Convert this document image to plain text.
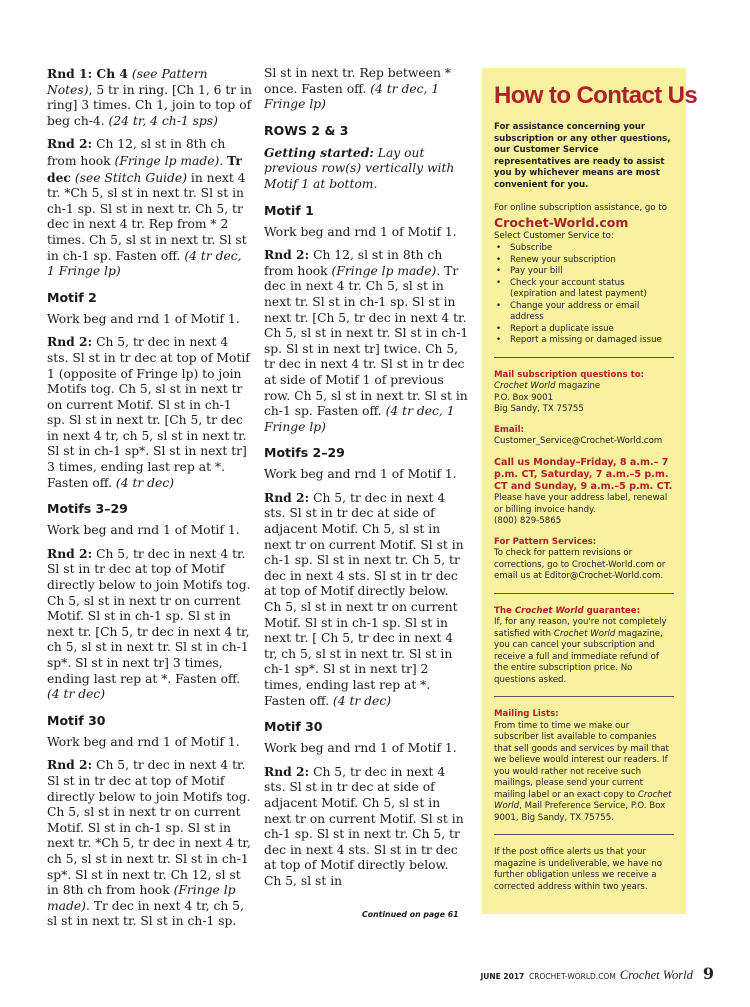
Rnd 1: Ch 4 (see Pattern Notes), 5 tr in ring. [Ch 1, 6 tr in ring] 3 times. Ch 1, join to top of beg ch-4. (24 tr, 4 ch-1 sps)

Rnd 2: Ch 12, sl st in 8th ch from hook (Fringe lp made). Tr dec (see Stitch Guide) in next 4 tr. *Ch 5, sl st in next tr. Sl st in ch-1 sp. Sl st in next tr. Ch 5, tr dec in next 4 tr. Rep from * 2 times. Ch 5, sl st in next tr. Sl st in ch-1 sp. Fasten off. (4 tr dec, 1 Fringe lp)

Motif 2

Work beg and rnd 1 of Motif 1.

Rnd 2: Ch 5, tr dec in next 4 sts. Sl st in tr dec at top of Motif 1 (opposite of Fringe lp) to join Motifs tog. Ch 5, sl st in next tr on current Motif. Sl st in ch-1 sp. Sl st in next tr. [Ch 5, tr dec in next 4 tr, ch 5, sl st in next tr. Sl st in ch-1 sp*. Sl st in next tr] 3 times, ending last rep at *. Fasten off. (4 tr dec)

Motifs 3–29

Work beg and rnd 1 of Motif 1.

Rnd 2: Ch 5, tr dec in next 4 tr. Sl st in tr dec at top of Motif directly below to join Motifs tog. Ch 5, sl st in next tr on current Motif. Sl st in ch-1 sp. Sl st in next tr. [Ch 5, tr dec in next 4 tr, ch 5, sl st in next tr. Sl st in ch-1 sp*. Sl st in next tr] 3 times, ending last rep at *. Fasten off. (4 tr dec)

Motif 30

Work beg and rnd 1 of Motif 1.

Rnd 2: Ch 5, tr dec in next 4 tr. Sl st in tr dec at top of Motif directly below to join Motifs tog. Ch 5, sl st in next tr on current Motif. Sl st in ch-1 sp. Sl st in next tr. *Ch 5, tr dec in next 4 tr, ch 5, sl st in next tr. Sl st in ch-1 sp*. Sl st in next tr. Ch 12, sl st in 8th ch from hook (Fringe lp made). Tr dec in next 4 tr, ch 5, sl st in next tr. Sl st in ch-1 sp.

Sl st in next tr. Rep between * once. Fasten off. (4 tr dec, 1 Fringe lp)

ROWS 2 & 3

Getting started: Lay out previous row(s) vertically with Motif 1 at bottom.

Motif 1

Work beg and rnd 1 of Motif 1.

Rnd 2: Ch 12, sl st in 8th ch from hook (Fringe lp made). Tr dec in next 4 tr. Ch 5, sl st in next tr. Sl st in ch-1 sp. Sl st in next tr. [Ch 5, tr dec in next 4 tr. Ch 5, sl st in next tr. Sl st in ch-1 sp. Sl st in next tr] twice. Ch 5, tr dec in next 4 tr. Sl st in tr dec at side of Motif 1 of previous row. Ch 5, sl st in next tr. Sl st in ch-1 sp. Fasten off. (4 tr dec, 1 Fringe lp)

Motifs 2–29

Work beg and rnd 1 of Motif 1.

Rnd 2: Ch 5, tr dec in next 4 sts. Sl st in tr dec at side of adjacent Motif. Ch 5, sl st in next tr on current Motif. Sl st in ch-1 sp. Sl st in next tr. Ch 5, tr dec in next 4 sts. Sl st in tr dec at top of Motif directly below. Ch 5, sl st in next tr on current Motif. Sl st in ch-1 sp. Sl st in next tr. [ Ch 5, tr dec in next 4 tr, ch 5, sl st in next tr. Sl st in ch-1 sp*. Sl st in next tr] 2 times, ending last rep at *. Fasten off. (4 tr dec)

Motif 30

Work beg and rnd 1 of Motif 1.

Rnd 2: Ch 5, tr dec in next 4 sts. Sl st in tr dec at side of adjacent Motif. Ch 5, sl st in next tr on current Motif. Sl st in ch-1 sp. Sl st in next tr. Ch 5, tr dec in next 4 sts. Sl st in tr dec at top of Motif directly below. Ch 5, sl st in

Continued on page 61
How to Contact Us

For assistance concerning your subscription or any other questions, our Customer Service representatives are ready to assist you by whichever means are most convenient for you.

For online subscription assistance, go to

Crochet-World.com

Select Customer Service to:

• Subscribe
• Renew your subscription
• Pay your bill
• Check your account status
(expiration and latest payment)
• Change your address or email address
• Report a duplicate issue
• Report a missing or damaged issue

Mail subscription questions to:

Crochet World magazine

P.O. Box 9001

Big Sandy, TX 75755

Email:

Customer_Service@Crochet-World.com

Call us Monday–Friday, 8 a.m.– 7 p.m. CT, Saturday, 7 a.m.–5 p.m. CT and Sunday, 9 a.m.–5 p.m. CT.

Please have your address label, renewal or billing invoice handy.

(800) 829-5865

For Pattern Services:

To check for pattern revisions or corrections, go to Crochet-World.com or email us at Editor@Crochet-World.com.

The Crochet World guarantee:

If, for any reason, you're not completely satisfied with Crochet World magazine, you can cancel your subscription and receive a full and immediate refund of the entire subscription price. No questions asked.

Mailing Lists:

From time to time we make our subscriber list available to companies that sell goods and services by mail that we believe would interest our readers. If you would rather not receive such mailings, please send your current mailing label or an exact copy to Crochet World, Mail Preference Service, P.O. Box 9001, Big Sandy, TX 75755.

If the post office alerts us that your magazine is undeliverable, we have no further obligation unless we receive a corrected address within two years.

JUNE 2017 CROCHET-WORLD.COM Crochet World 9
